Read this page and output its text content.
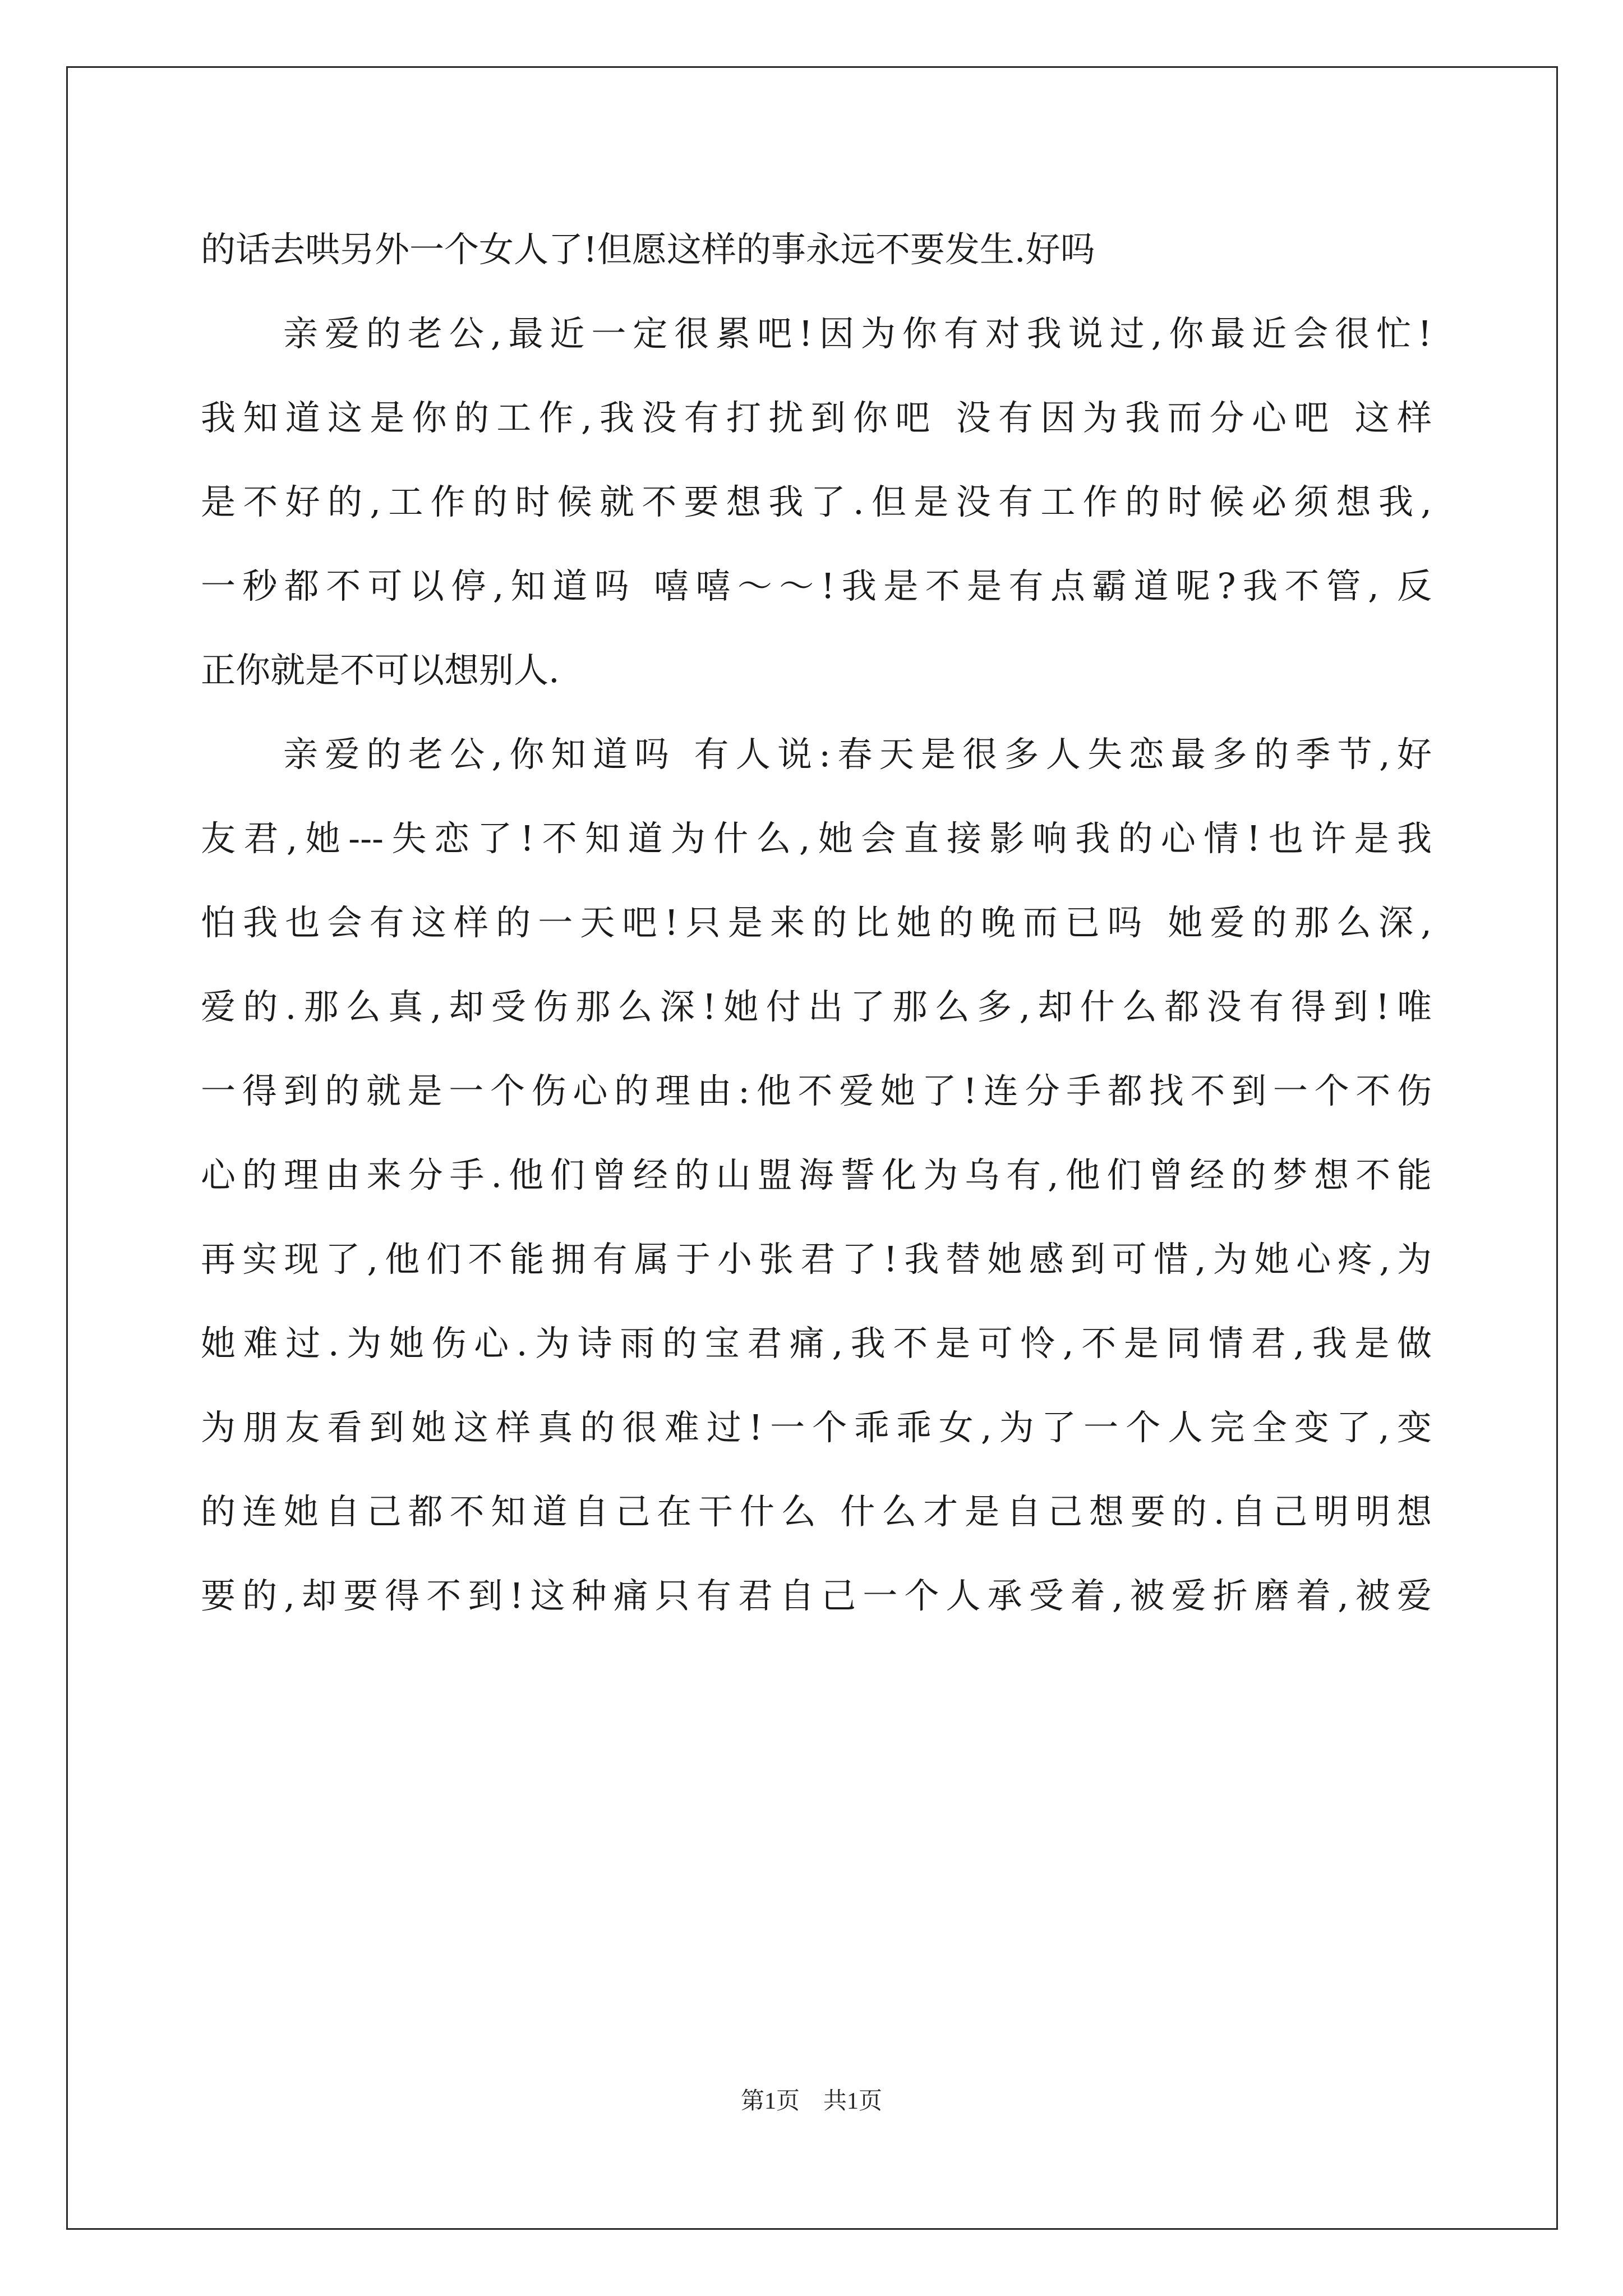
的话去哄另外一个女人了!但愿这样的事永远不要发生.好吗
亲爱的老公,最近一定很累吧!因为你有对我说过,你最近会很忙!
我知道这是你的工作,我没有打扰到你吧 没有因为我而分心吧 这样
是不好的,工作的时候就不要想我了.但是没有工作的时候必须想我,
一秒都不可以停,知道吗 嘻嘻～～!我是不是有点霸道呢?我不管, 反
正你就是不可以想别人.
亲爱的老公,你知道吗 有人说:春天是很多人失恋最多的季节,好
友君,她---失恋了!不知道为什么,她会直接影响我的心情!也许是我
怕我也会有这样的一天吧!只是来的比她的晚而已吗 她爱的那么深,
爱的.那么真,却受伤那么深!她付出了那么多,却什么都没有得到!唯
一得到的就是一个伤心的理由:他不爱她了!连分手都找不到一个不伤
心的理由来分手.他们曾经的山盟海誓化为乌有,他们曾经的梦想不能
再实现了,他们不能拥有属于小张君了!我替她感到可惜,为她心疼,为
她难过.为她伤心.为诗雨的宝君痛,我不是可怜,不是同情君,我是做
为朋友看到她这样真的很难过!一个乖乖女,为了一个人完全变了,变
的连她自己都不知道自己在干什么 什么才是自己想要的.自己明明想
要的,却要得不到!这种痛只有君自己一个人承受着,被爱折磨着,被爱
第1页　共1页
